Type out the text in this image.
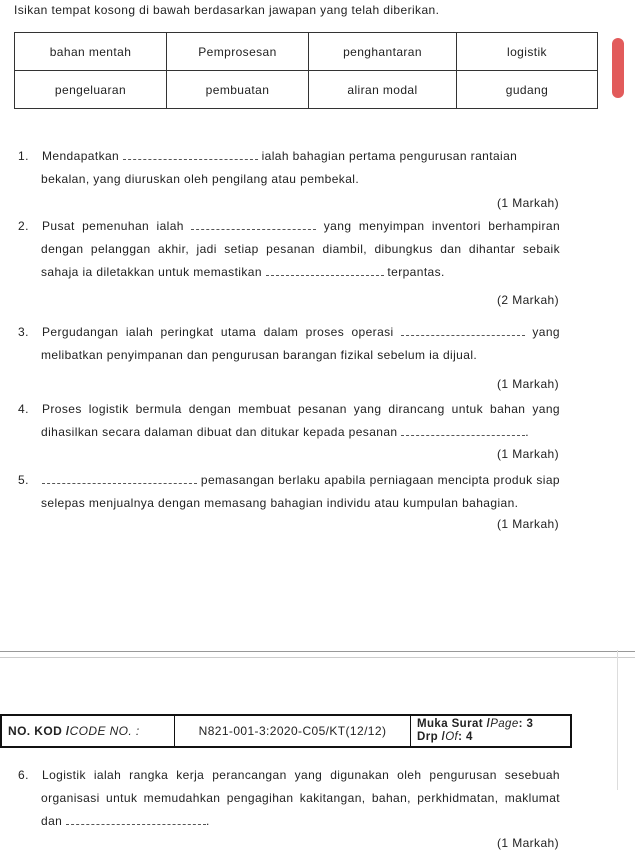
Isikan tempat kosong di bawah berdasarkan jawapan yang telah diberikan.
bahan mentah	Pemprosesan	penghantaran	logistik
pengeluaran	pembuatan	aliran modal	gudang
1. Mendapatkan	ialah bahagian pertama pengurusan rantaian
bekalan, yang diuruskan oleh pengilang atau pembekal.
(1 Markah)
2. Pusat pemenuhan ialah	yang menyimpan inventori berhampiran
dengan pelanggan akhir, jadi setiap pesanan diambil, dibungkus dan dihantar sebaik
sahaja ia diletakkan untuk memastikan	terpantas.
(2 Markah)
3. Pergudangan ialah peringkat utama dalam proses operasi	yang
melibatkan penyimpanan dan pengurusan barangan fizikal sebelum ia dijual.
(1 Markah)
4. Proses logistik bermula dengan membuat pesanan yang dirancang untuk bahan yang
dihasilkan secara dalaman dibuat dan ditukar kepada pesanan	.
(1 Markah)
5.	pemasangan berlaku apabila perniagaan mencipta produk siap
selepas menjualnya dengan memasang bahagian individu atau kumpulan bahagian.
(1 Markah)
NO. KOD / CODE NO. :	N821-001-3:2020-C05/KT(12/12)	Muka Surat / Page : 3
Drp / Of : 4
6. Logistik ialah rangka kerja perancangan yang digunakan oleh pengurusan sesebuah
organisasi untuk memudahkan pengagihan kakitangan, bahan, perkhidmatan, maklumat
dan	.
(1 Markah)
